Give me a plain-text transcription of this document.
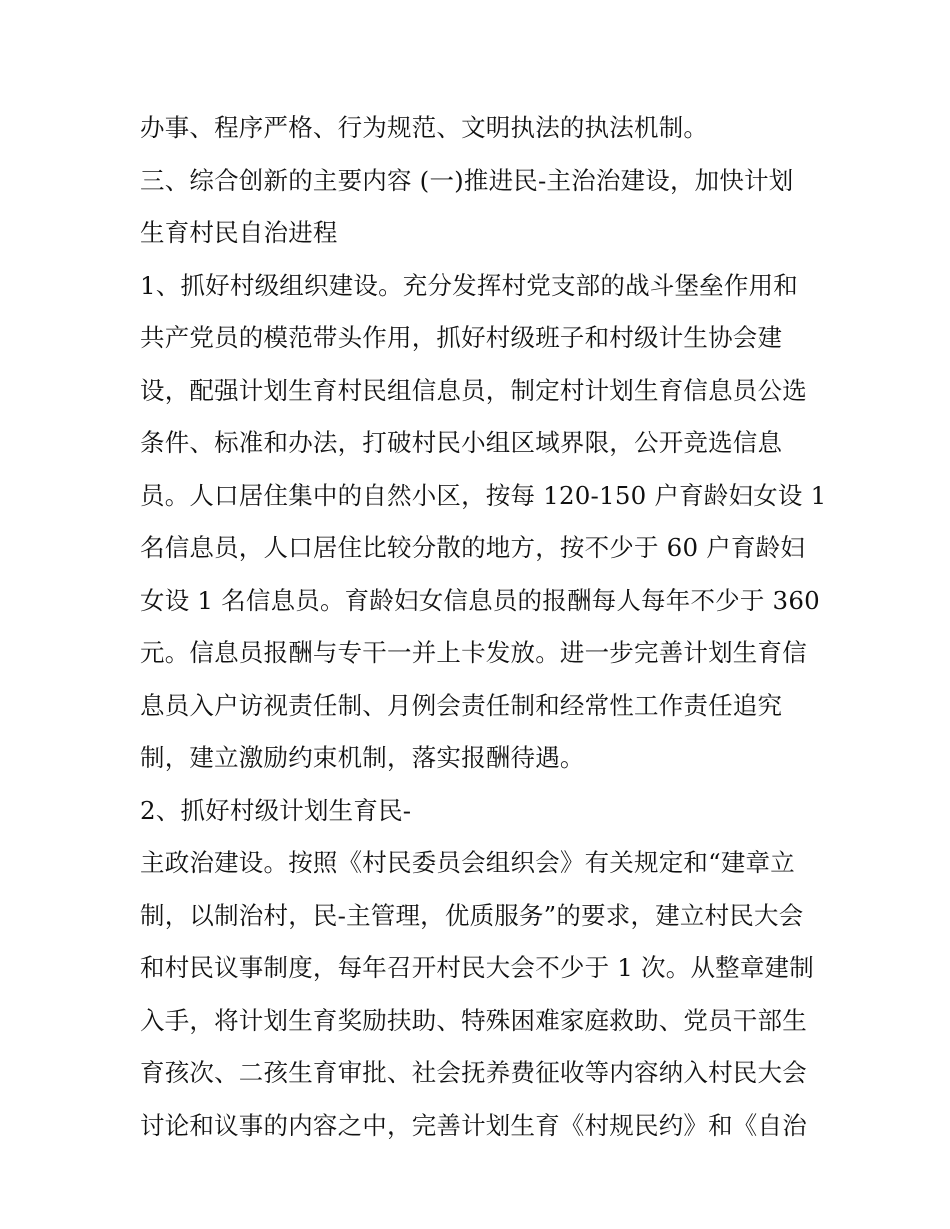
办事、程序严格、行为规范、文明执法的执法机制。
三、综合创新的主要内容 (一)推进民-主治治建设，加快计划
生育村民自治进程
1、抓好村级组织建设。充分发挥村党支部的战斗堡垒作用和
共产党员的模范带头作用，抓好村级班子和村级计生协会建
设，配强计划生育村民组信息员，制定村计划生育信息员公选
条件、标准和办法，打破村民小组区域界限，公开竞选信息
员。人口居住集中的自然小区，按每 120-150 户育龄妇女设 1
名信息员，人口居住比较分散的地方，按不少于 60 户育龄妇
女设 1 名信息员。育龄妇女信息员的报酬每人每年不少于 360
元。信息员报酬与专干一并上卡发放。进一步完善计划生育信
息员入户访视责任制、月例会责任制和经常性工作责任追究
制，建立激励约束机制，落实报酬待遇。
2、抓好村级计划生育民-
主政治建设。按照《村民委员会组织会》有关规定和“建章立
制，以制治村，民-主管理，优质服务”的要求，建立村民大会
和村民议事制度，每年召开村民大会不少于 1 次。从整章建制
入手，将计划生育奖励扶助、特殊困难家庭救助、党员干部生
育孩次、二孩生育审批、社会抚养费征收等内容纳入村民大会
讨论和议事的内容之中，完善计划生育《村规民约》和《自治
